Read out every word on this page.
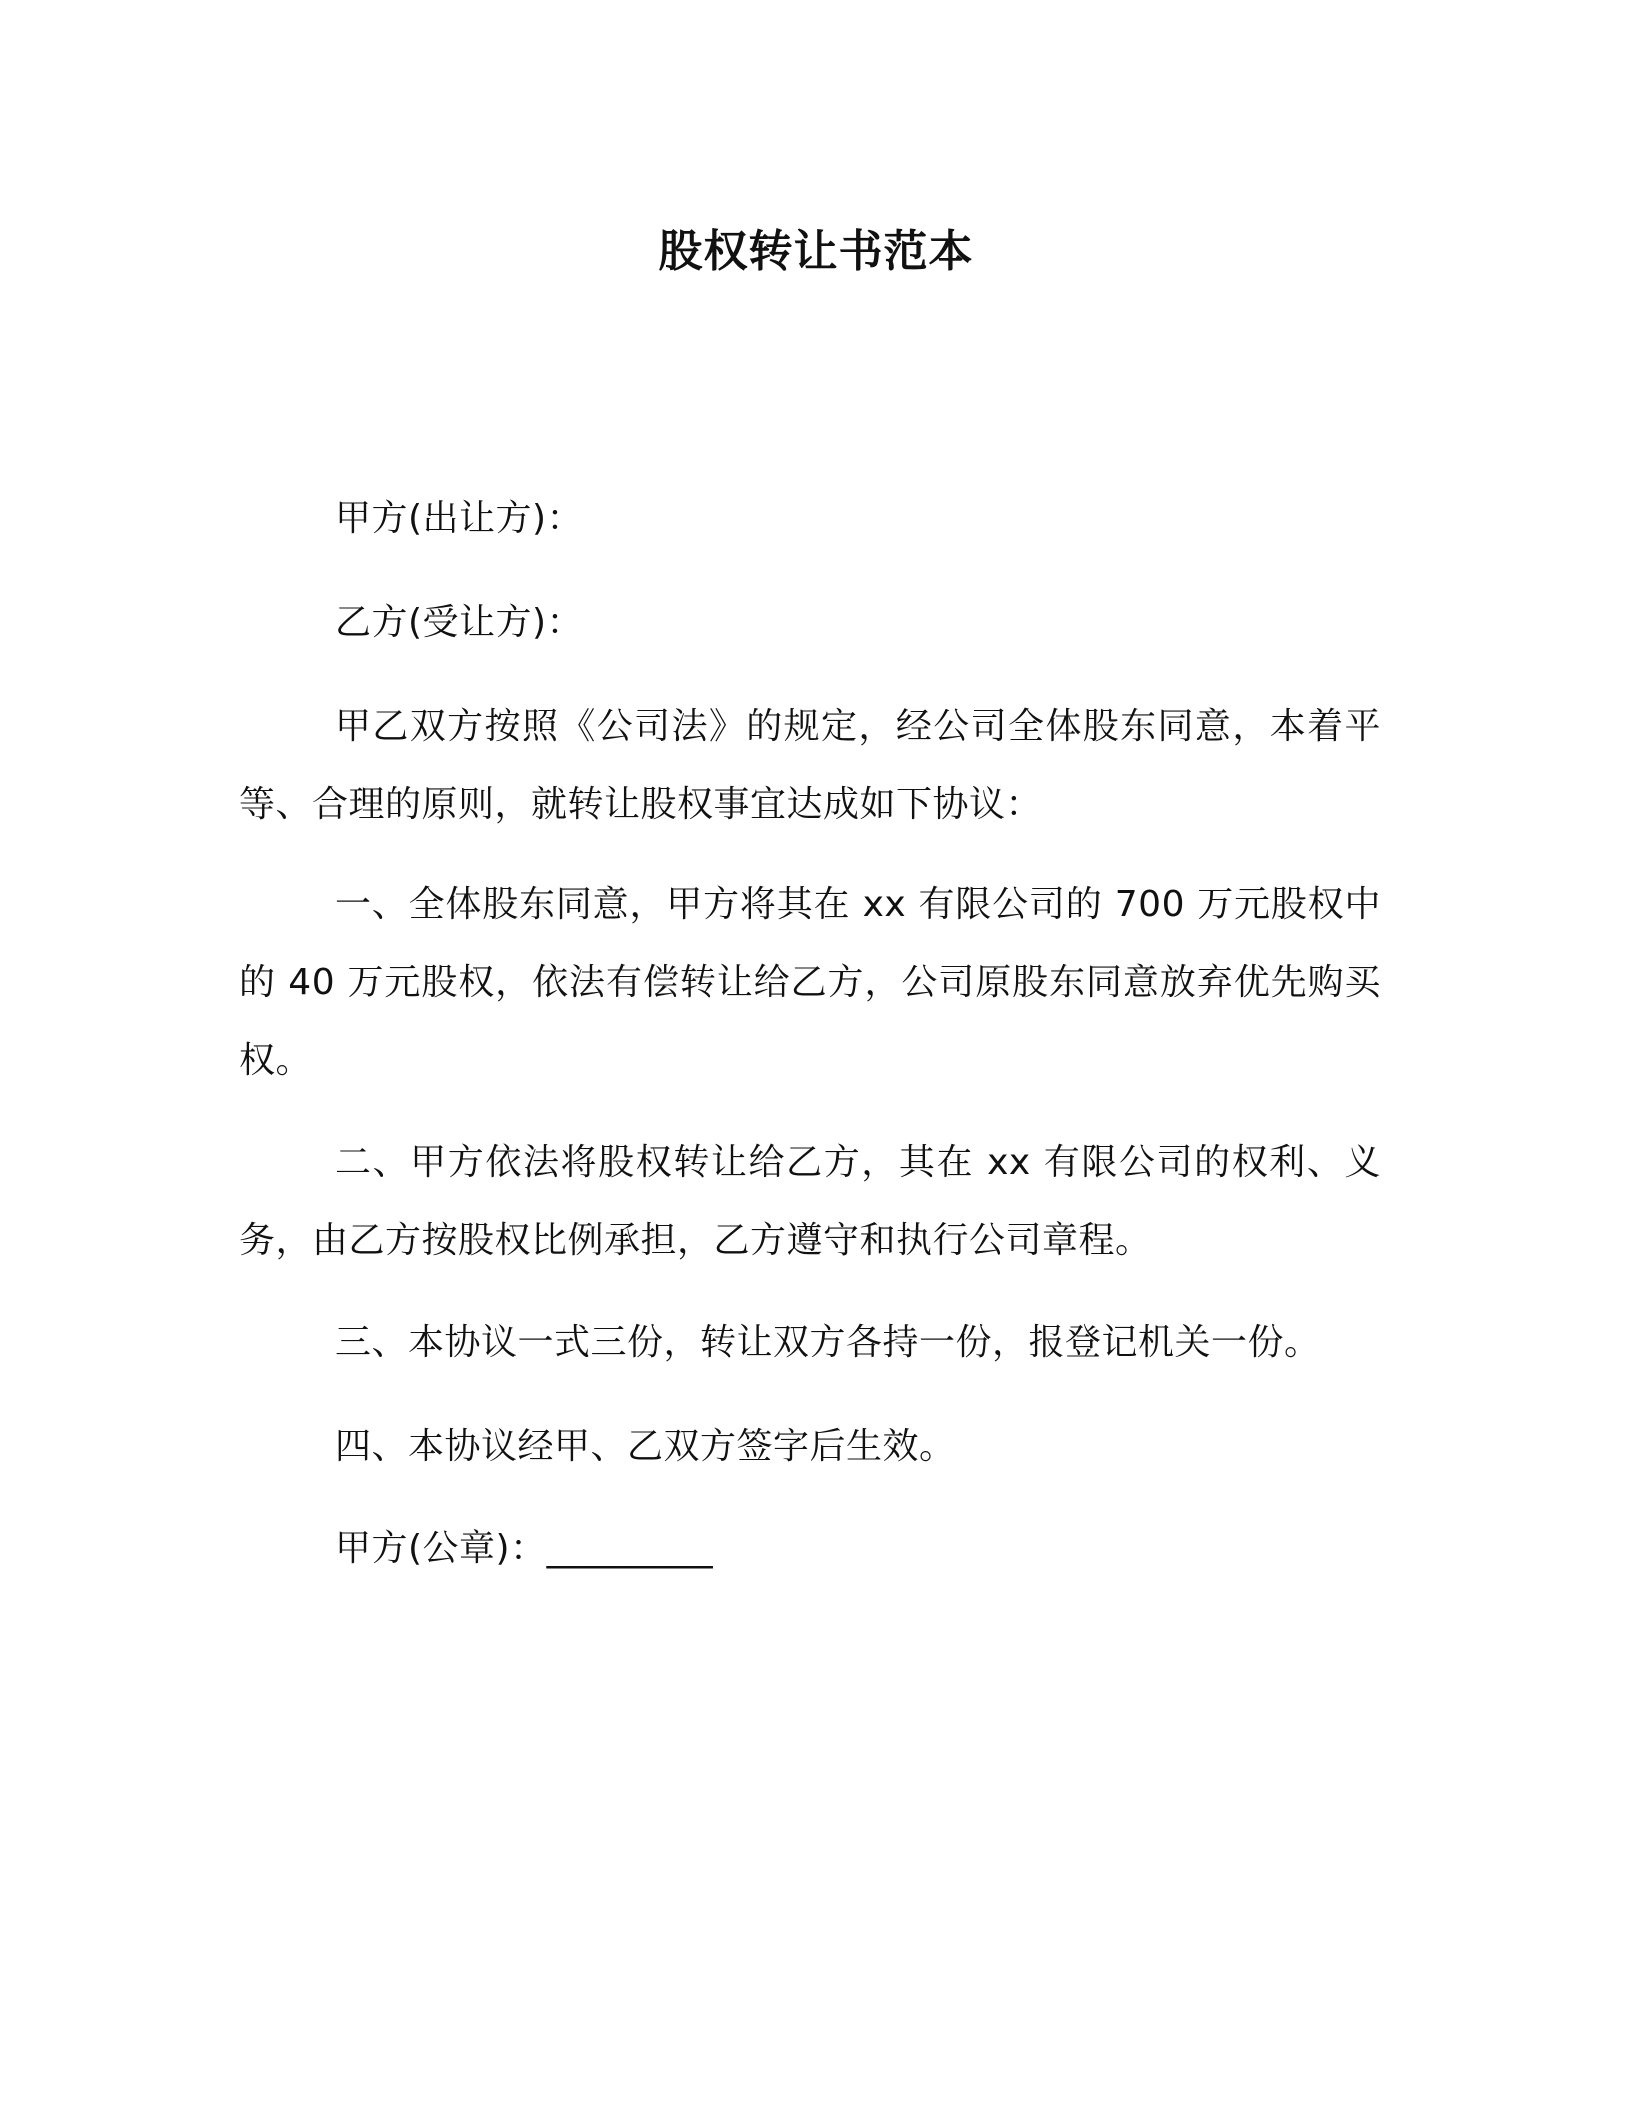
股权转让书范本

甲方(出让方)：

乙方(受让方)：

甲乙双方按照《公司法》的规定，经公司全体股东同意，本着平等、合理的原则，就转让股权事宜达成如下协议：

一、全体股东同意，甲方将其在 xx 有限公司的 700 万元股权中的 40 万元股权，依法有偿转让给乙方，公司原股东同意放弃优先购买权。

二、甲方依法将股权转让给乙方，其在 xx 有限公司的权利、义务，由乙方按股权比例承担，乙方遵守和执行公司章程。

三、本协议一式三份，转让双方各持一份，报登记机关一份。

四、本协议经甲、乙双方签字后生效。

甲方(公章)：_________
